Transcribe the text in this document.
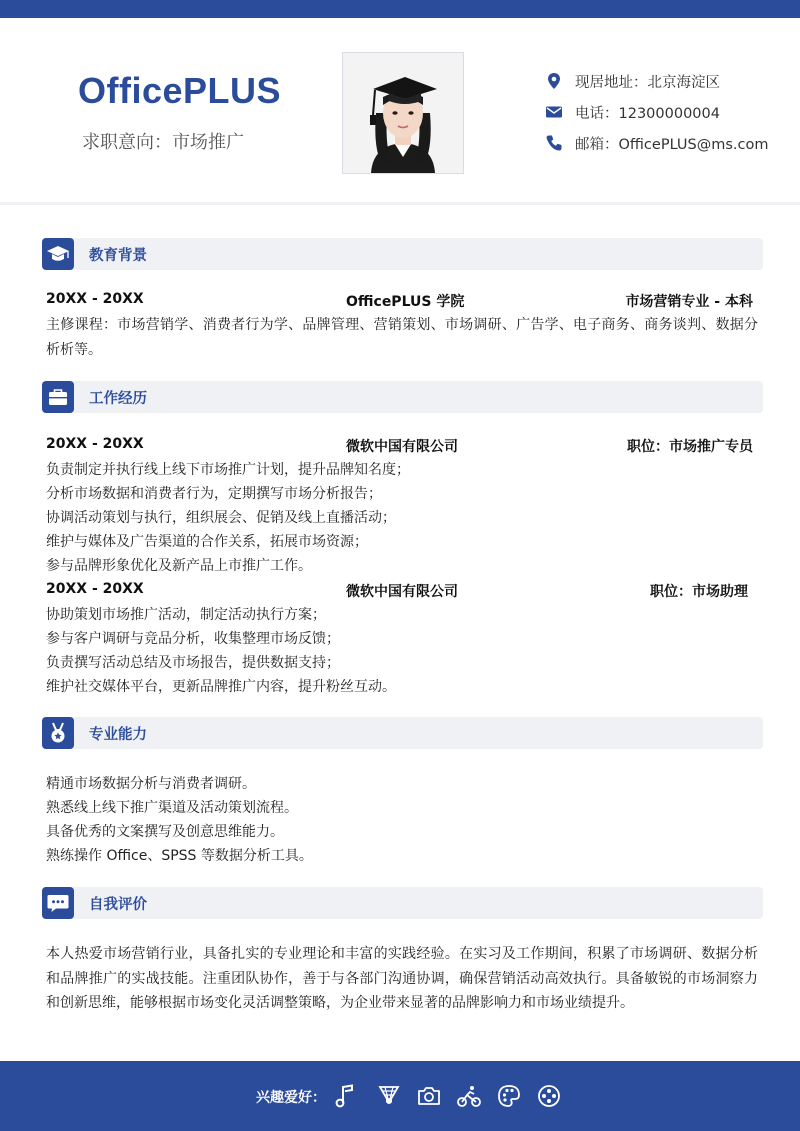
OfficePLUS
求职意向：市场推广
现居地址：北京海淀区
电话：12300000004
邮箱：OfficePLUS@ms.com
教育背景
20XX - 20XX	OfficePLUS 学院	市场营销专业 - 本科
主修课程：市场营销学、消费者行为学、品牌管理、营销策划、市场调研、广告学、电子商务、商务谈判、数据分析析等。
工作经历
20XX - 20XX	微软中国有限公司	职位：市场推广专员
负责制定并执行线上线下市场推广计划，提升品牌知名度；
分析市场数据和消费者行为，定期撰写市场分析报告；
协调活动策划与执行，组织展会、促销及线上直播活动；
维护与媒体及广告渠道的合作关系，拓展市场资源；
参与品牌形象优化及新产品上市推广工作。
20XX - 20XX	微软中国有限公司	职位：市场助理
协助策划市场推广活动，制定活动执行方案；
参与客户调研与竞品分析，收集整理市场反馈；
负责撰写活动总结及市场报告，提供数据支持；
维护社交媒体平台，更新品牌推广内容，提升粉丝互动。
专业能力
精通市场数据分析与消费者调研。
熟悉线上线下推广渠道及活动策划流程。
具备优秀的文案撰写及创意思维能力。
熟练操作 Office、SPSS 等数据分析工具。
自我评价
本人热爱市场营销行业，具备扎实的专业理论和丰富的实践经验。在实习及工作期间，积累了市场调研、数据分析和品牌推广的实战技能。注重团队协作，善于与各部门沟通协调，确保营销活动高效执行。具备敏锐的市场洞察力和创新思维，能够根据市场变化灵活调整策略，为企业带来显著的品牌影响力和市场业绩提升。
兴趣爱好：
